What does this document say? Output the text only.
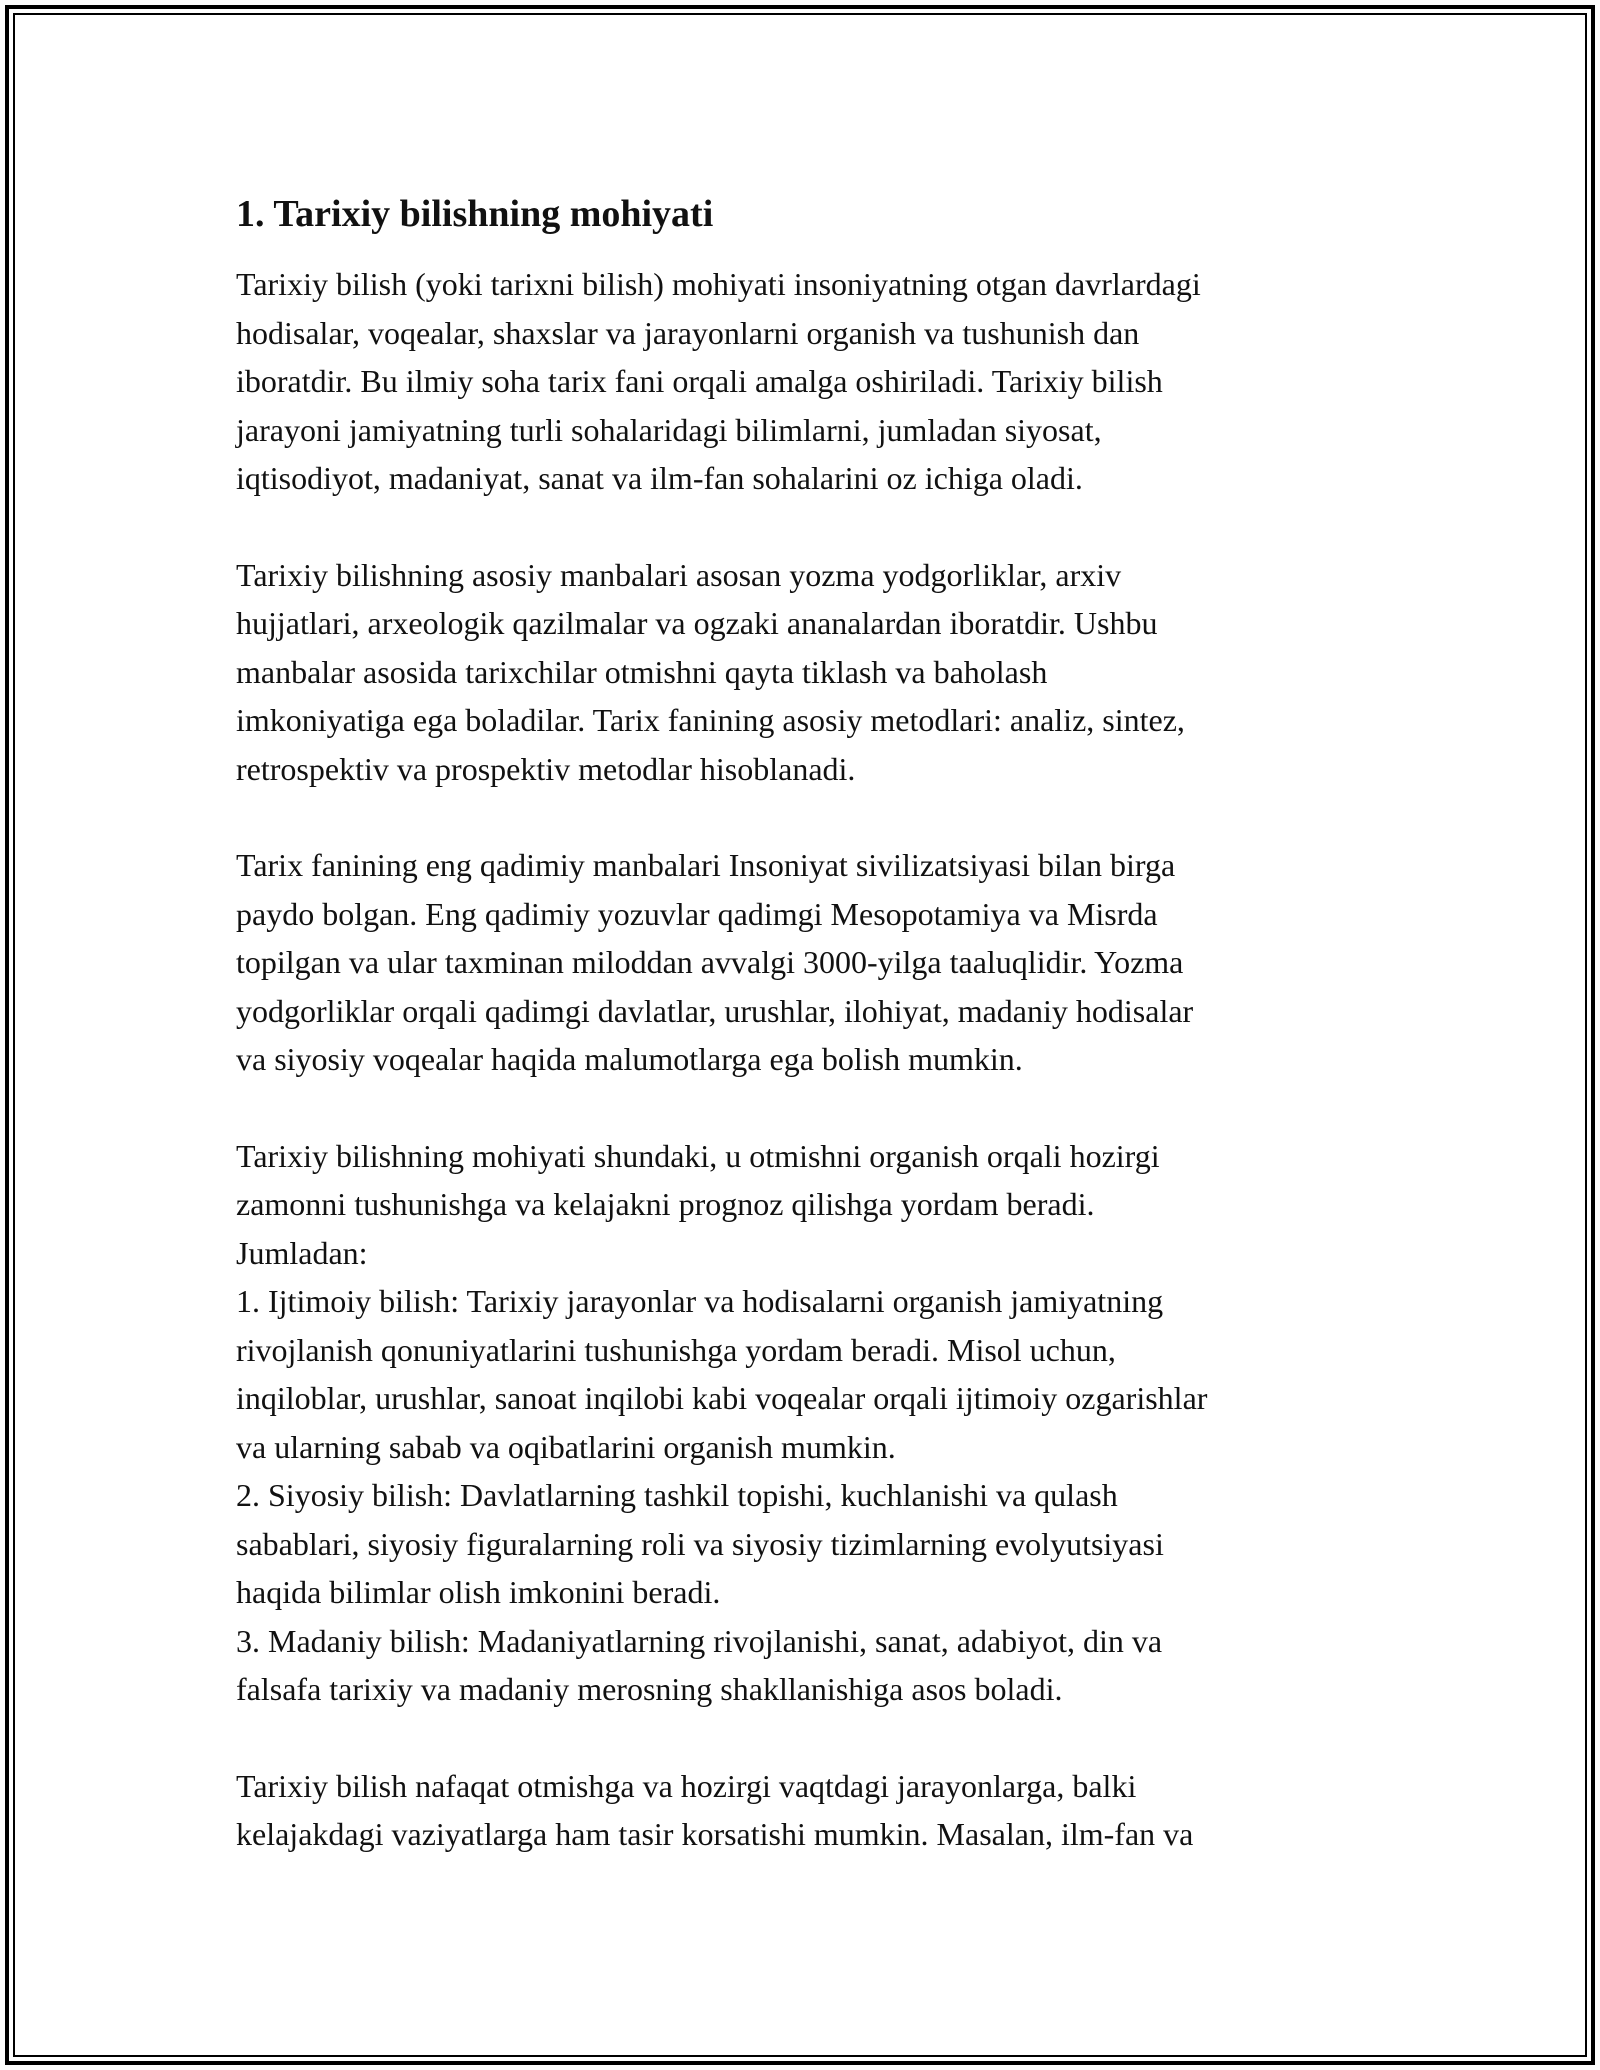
1. Tarixiy bilishning mohiyati
Tarixiy bilish (yoki tarixni bilish) mohiyati insoniyatning otgan davrlardagi
hodisalar, voqealar, shaxslar va jarayonlarni organish va tushunish dan
iboratdir. Bu ilmiy soha tarix fani orqali amalga oshiriladi. Tarixiy bilish
jarayoni jamiyatning turli sohalaridagi bilimlarni, jumladan siyosat,
iqtisodiyot, madaniyat, sanat va ilm-fan sohalarini oz ichiga oladi.
Tarixiy bilishning asosiy manbalari asosan yozma yodgorliklar, arxiv
hujjatlari, arxeologik qazilmalar va ogzaki ananalardan iboratdir. Ushbu
manbalar asosida tarixchilar otmishni qayta tiklash va baholash
imkoniyatiga ega boladilar. Tarix fanining asosiy metodlari: analiz, sintez,
retrospektiv va prospektiv metodlar hisoblanadi.
Tarix fanining eng qadimiy manbalari Insoniyat sivilizatsiyasi bilan birga
paydo bolgan. Eng qadimiy yozuvlar qadimgi Mesopotamiya va Misrda
topilgan va ular taxminan miloddan avvalgi 3000-yilga taaluqlidir. Yozma
yodgorliklar orqali qadimgi davlatlar, urushlar, ilohiyat, madaniy hodisalar
va siyosiy voqealar haqida malumotlarga ega bolish mumkin.
Tarixiy bilishning mohiyati shundaki, u otmishni organish orqali hozirgi
zamonni tushunishga va kelajakni prognoz qilishga yordam beradi.
Jumladan:
1. Ijtimoiy bilish: Tarixiy jarayonlar va hodisalarni organish jamiyatning
rivojlanish qonuniyatlarini tushunishga yordam beradi. Misol uchun,
inqiloblar, urushlar, sanoat inqilobi kabi voqealar orqali ijtimoiy ozgarishlar
va ularning sabab va oqibatlarini organish mumkin.
2. Siyosiy bilish: Davlatlarning tashkil topishi, kuchlanishi va qulash
sabablari, siyosiy figuralarning roli va siyosiy tizimlarning evolyutsiyasi
haqida bilimlar olish imkonini beradi.
3. Madaniy bilish: Madaniyatlarning rivojlanishi, sanat, adabiyot, din va
falsafa tarixiy va madaniy merosning shakllanishiga asos boladi.
Tarixiy bilish nafaqat otmishga va hozirgi vaqtdagi jarayonlarga, balki
kelajakdagi vaziyatlarga ham tasir korsatishi mumkin. Masalan, ilm-fan va
